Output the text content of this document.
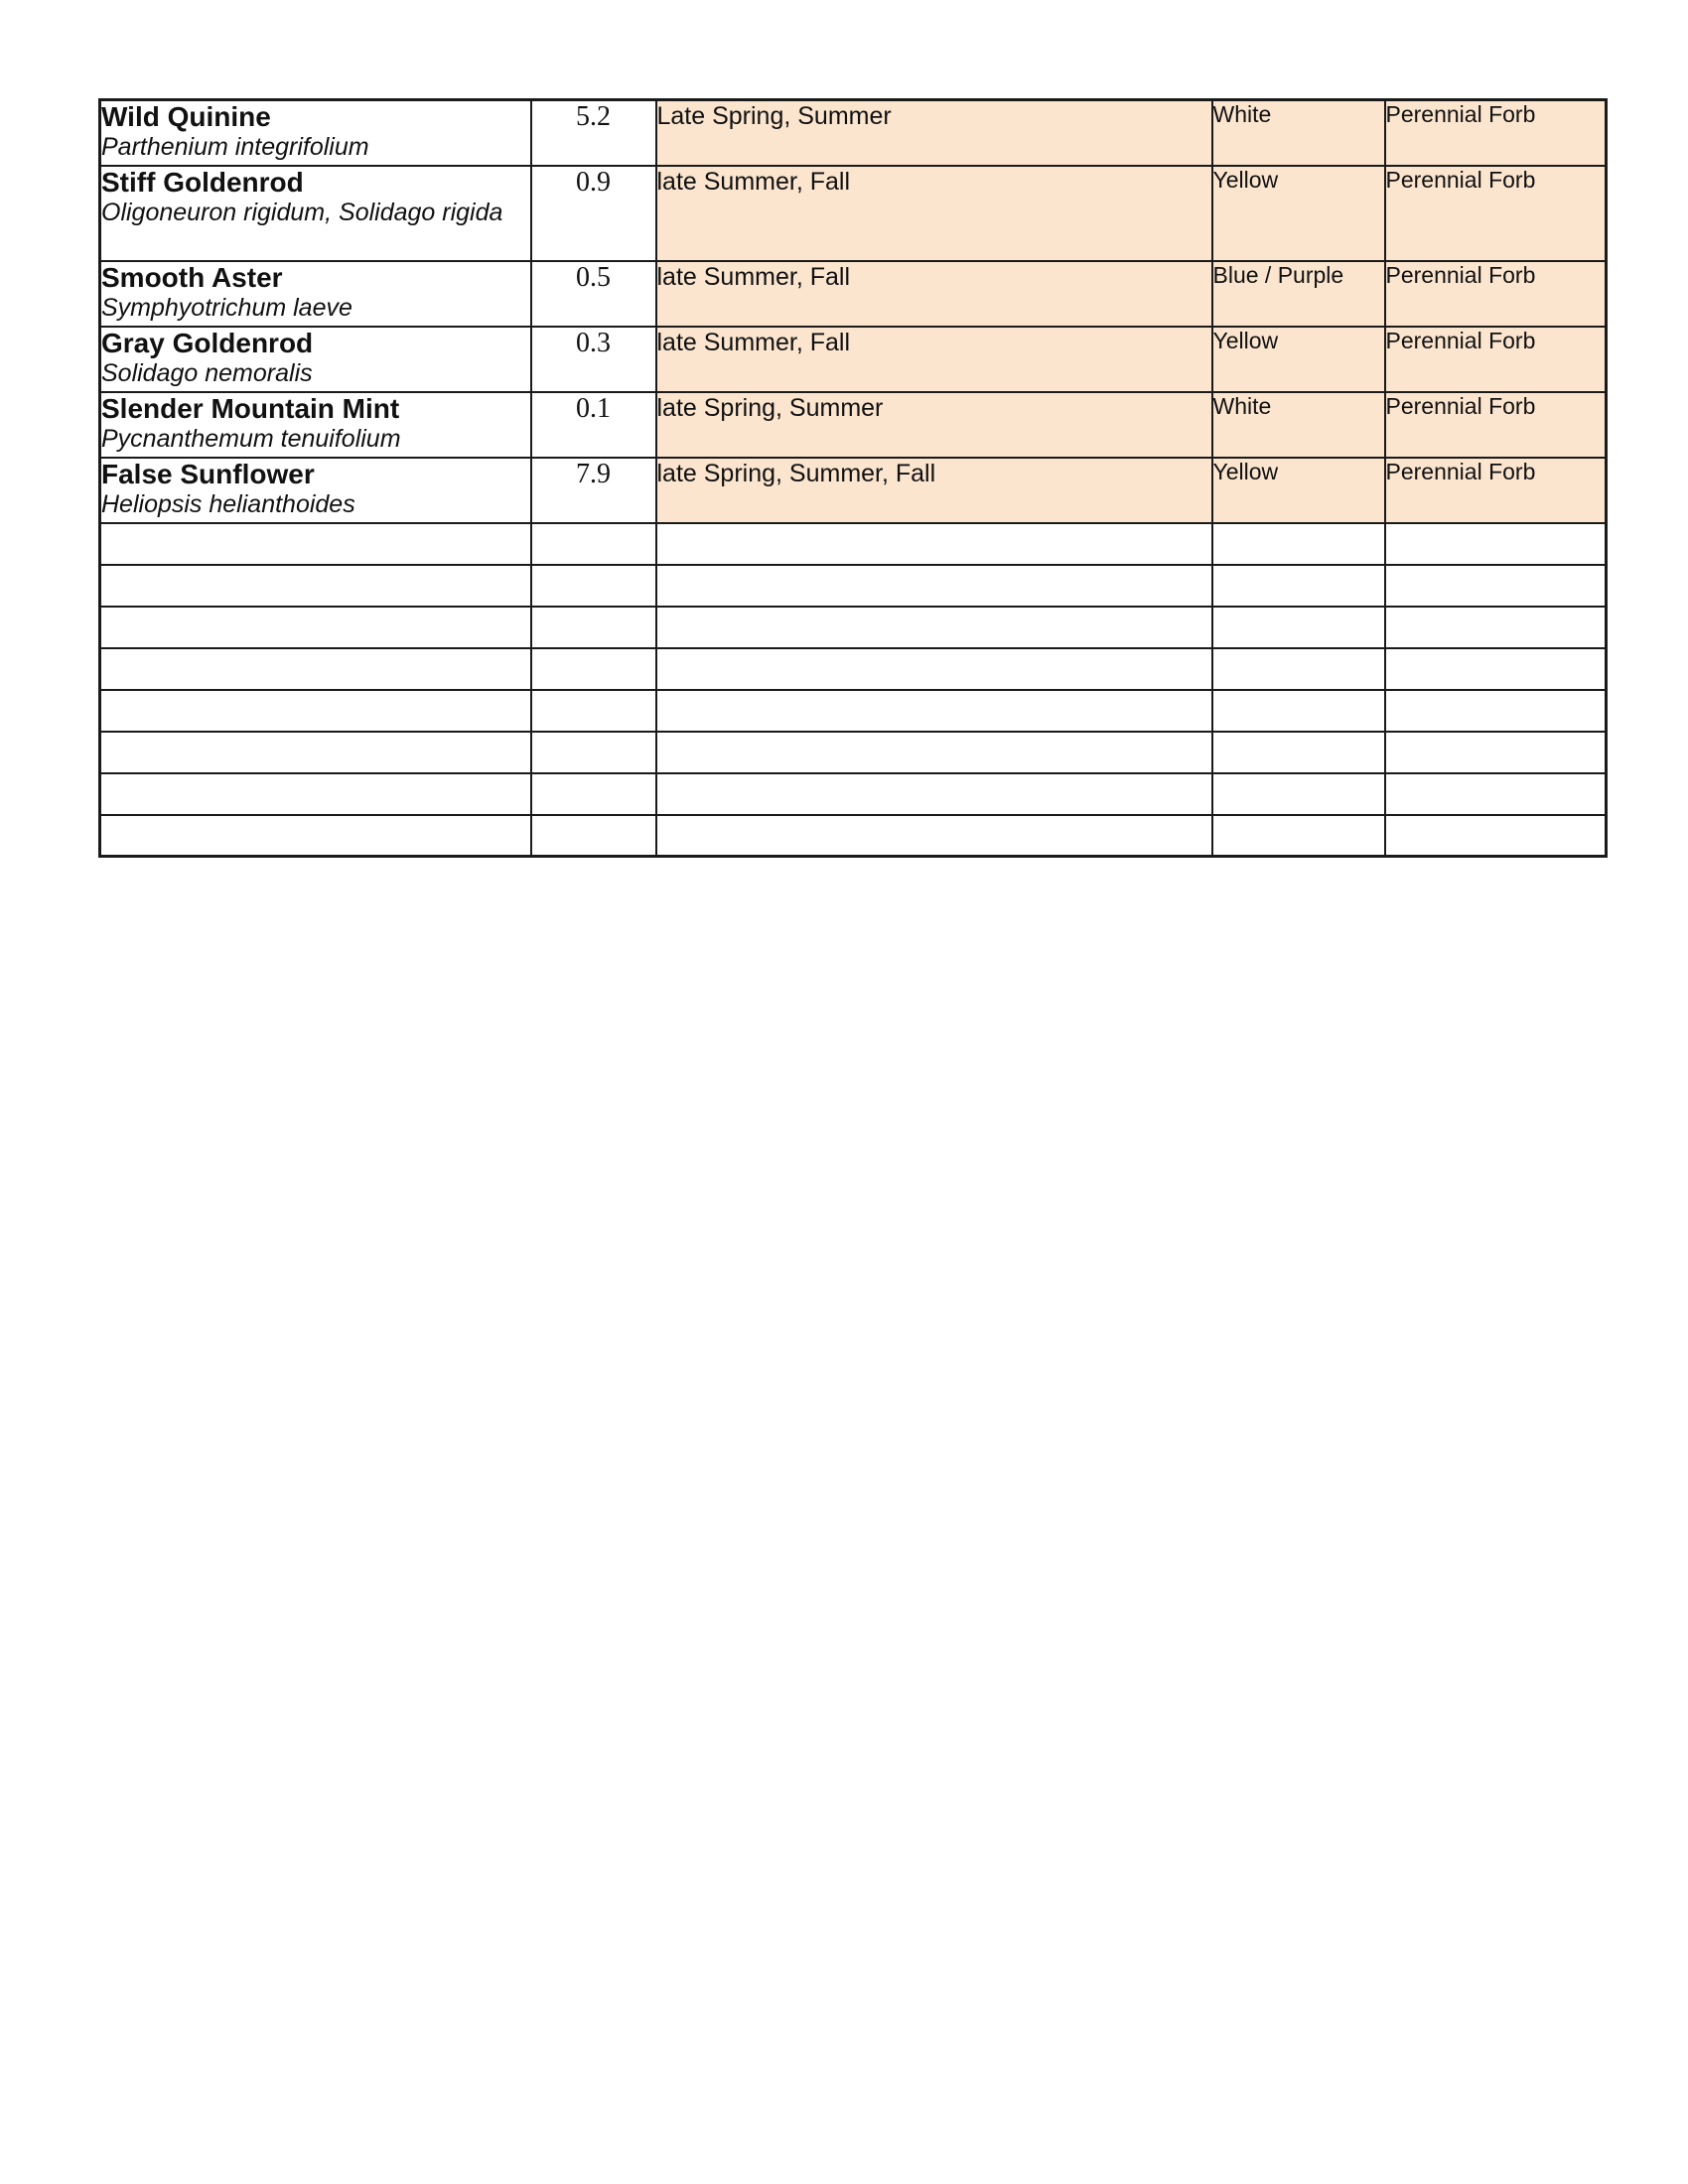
Wild Quinine
Parthenium integrifolium	5.2	Late Spring, Summer	White	Perennial Forb

Stiff Goldenrod
Oligoneuron rigidum, Solidago rigida	0.9	late Summer, Fall	Yellow	Perennial Forb

Smooth Aster
Symphyotrichum laeve	0.5	late Summer, Fall	Blue / Purple	Perennial Forb

Gray Goldenrod
Solidago nemoralis	0.3	late Summer, Fall	Yellow	Perennial Forb

Slender Mountain Mint
Pycnanthemum tenuifolium	0.1	late Spring, Summer	White	Perennial Forb

False Sunflower
Heliopsis helianthoides	7.9	late Spring, Summer, Fall	Yellow	Perennial Forb
